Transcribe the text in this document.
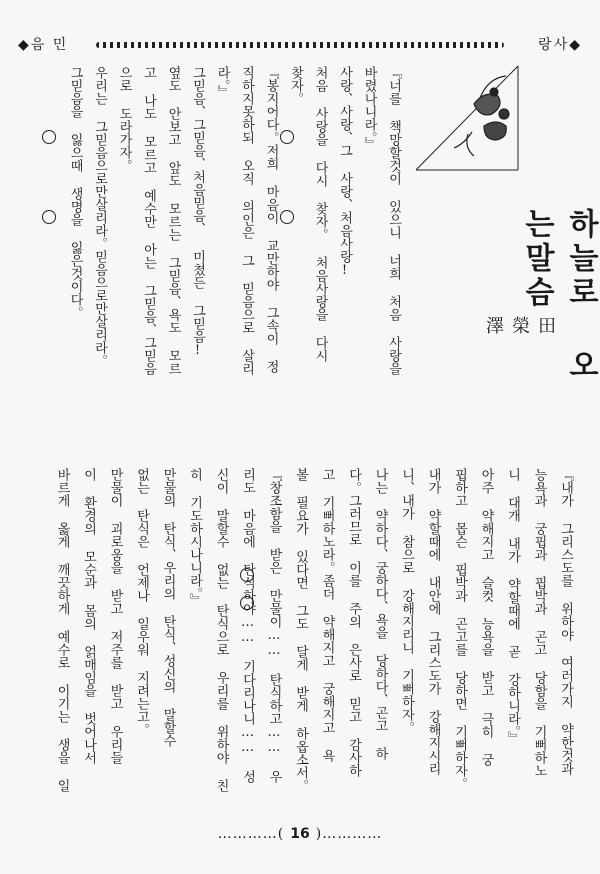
◆음 민	랑사◆
하늘로 오는말슴
田 榮 澤
『너를 책망할것이 있으니 너희 처음 사랑을
바렸나니라。』
사랑、사랑、그 사랑、처음사랑!
처음 사랑을 다시 찾자。 처음사랑을 다시
찾자。
『봉지어다。저희 마음이 교만하야 그속이 정
직하지못하되 오직 의인은 그 믿음으로 살리
라。』
그믿음、그믿음、처음믿음、 미쳤든 그믿음!
옆도 안보고 앞도 모르는 그믿음、욕도 모르
고 나도 모르고 예수만 아는 그믿음、그믿음
으로 도라가자。
우리는 그믿음으로만살리라。믿음으로만살리라。
그믿음을 잃으때 생명을 잃은것이다。
『내가 그리스도를 위하야 여러가지 약한것과
능욕과 궁핍과 핍박과 곤고 당함을 기뻐하노
니 대개 내가 약할때에 곧 강하니라。』
아주 약해지고 슬컷 능욕을 받고 극히 궁
핍하고 몹슨 핍박과 곤고를 당하면 기뻐하자。
내가 약할때에 내안에 그리스도가 강해지시리
니、내가 참으로 강해지리니 기뻐하자。
나는 약하다、궁하다、욕을 당하다、곤고 하
다。그러므로 이를 주의 은사로 믿고 감사하
고 기뻐하노라。좀더 약해지고 궁해지고 욕
볼 필요가 있다면 그도 달게 받게 하옵소서。
『창조함을 받은 만물이…… 탄식하고…… 우
리도 마음에 탄식하야…… 기다리나니…… 성
신이 말할수 없는 탄식으로 우리를 위하야 친
히 기도하시나니라。』
만물의 탄식、우리의 탄식、성신의 말할수
없는 탄식은 언제나 일우워 지려는고。
만물이 괴로움을 받고 저주를 받고 우리들
이 환경의 모순과 몸의 얽매임을 벗어나서
바르게 옳게 깨끗하게 예수로 이기는 생을 일
…………( 16 )…………
